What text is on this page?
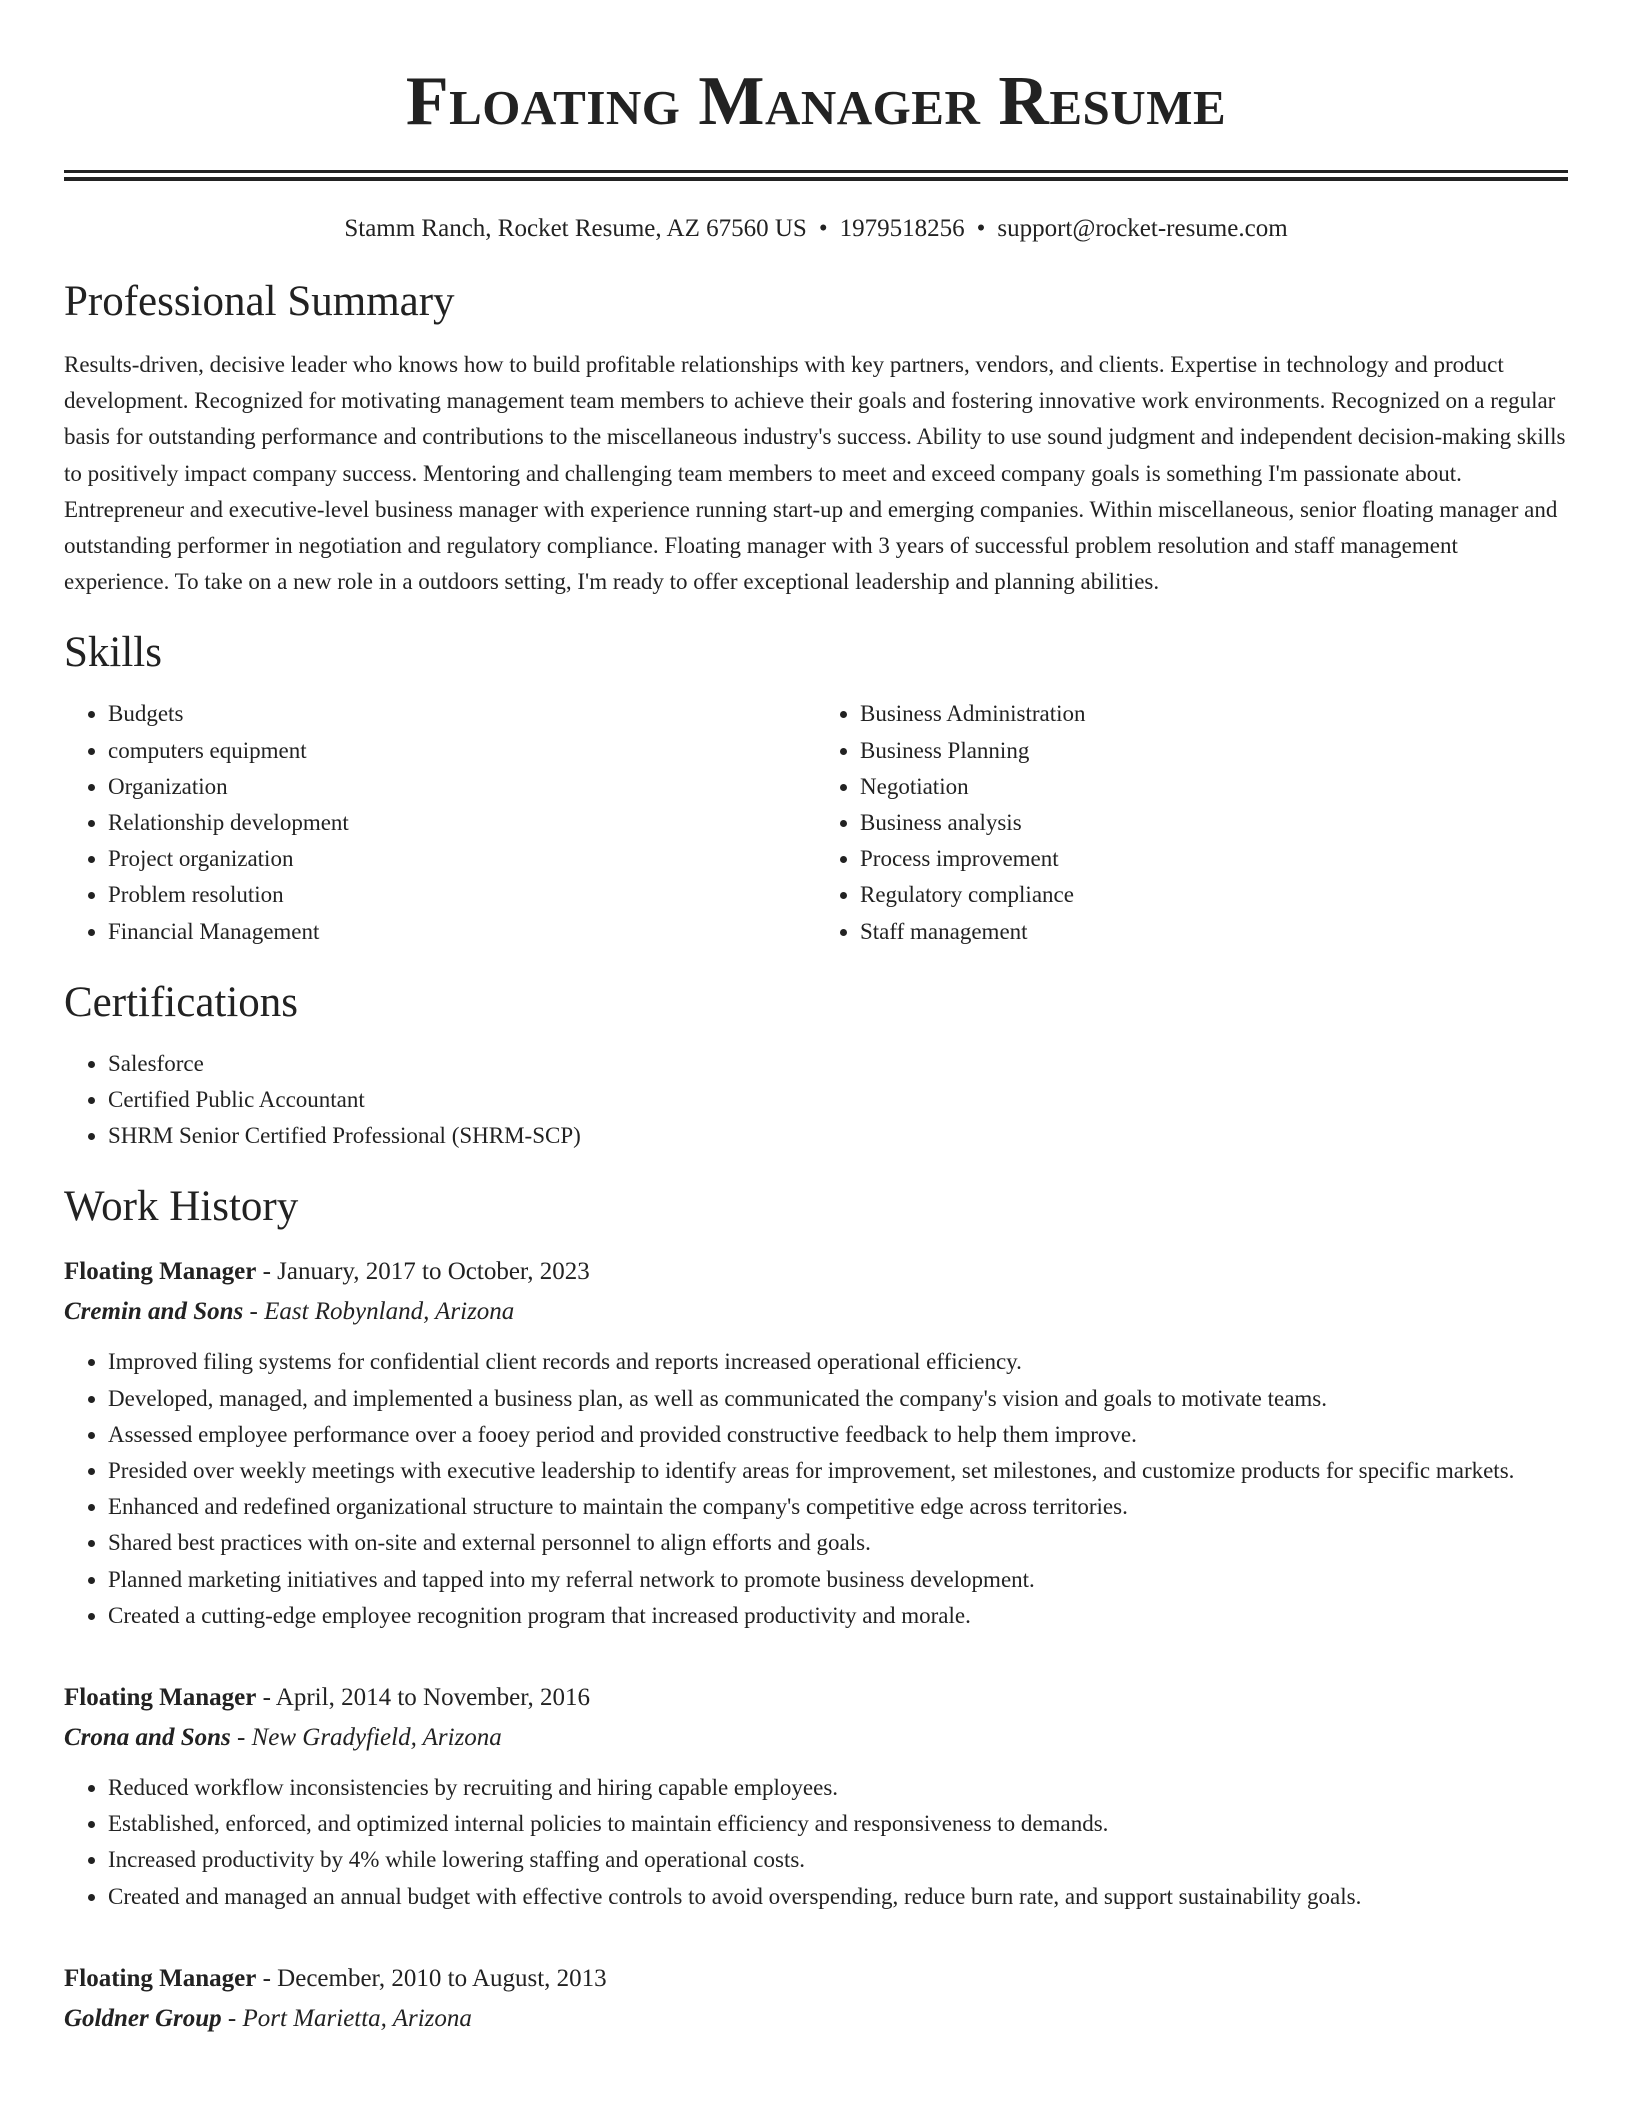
Floating Manager Resume
Stamm Ranch, Rocket Resume, AZ 67560 US • 1979518256 • support@rocket-resume.com
Professional Summary

Results-driven, decisive leader who knows how to build profitable relationships with key partners, vendors, and clients. Expertise in technology and product development. Recognized for motivating management team members to achieve their goals and fostering innovative work environments. Recognized on a regular basis for outstanding performance and contributions to the miscellaneous industry's success. Ability to use sound judgment and independent decision-making skills to positively impact company success. Mentoring and challenging team members to meet and exceed company goals is something I'm passionate about. Entrepreneur and executive-level business manager with experience running start-up and emerging companies. Within miscellaneous, senior floating manager and outstanding performer in negotiation and regulatory compliance. Floating manager with 3 years of successful problem resolution and staff management experience. To take on a new role in a outdoors setting, I'm ready to offer exceptional leadership and planning abilities.

Skills
• Budgets
• computers equipment
• Organization
• Relationship development
• Project organization
• Problem resolution
• Financial Management
• Business Administration
• Business Planning
• Negotiation
• Business analysis
• Process improvement
• Regulatory compliance
• Staff management
Certifications
• Salesforce
• Certified Public Accountant
• SHRM Senior Certified Professional (SHRM-SCP)
Work History
Floating Manager - January, 2017 to October, 2023
Cremin and Sons - East Robynland, Arizona
• Improved filing systems for confidential client records and reports increased operational efficiency.
• Developed, managed, and implemented a business plan, as well as communicated the company's vision and goals to motivate teams.
• Assessed employee performance over a fooey period and provided constructive feedback to help them improve.
• Presided over weekly meetings with executive leadership to identify areas for improvement, set milestones, and customize products for specific markets.
• Enhanced and redefined organizational structure to maintain the company's competitive edge across territories.
• Shared best practices with on-site and external personnel to align efforts and goals.
• Planned marketing initiatives and tapped into my referral network to promote business development.
• Created a cutting-edge employee recognition program that increased productivity and morale.
Floating Manager - April, 2014 to November, 2016
Crona and Sons - New Gradyfield, Arizona
• Reduced workflow inconsistencies by recruiting and hiring capable employees.
• Established, enforced, and optimized internal policies to maintain efficiency and responsiveness to demands.
• Increased productivity by 4% while lowering staffing and operational costs.
• Created and managed an annual budget with effective controls to avoid overspending, reduce burn rate, and support sustainability goals.
Floating Manager - December, 2010 to August, 2013
Goldner Group - Port Marietta, Arizona
